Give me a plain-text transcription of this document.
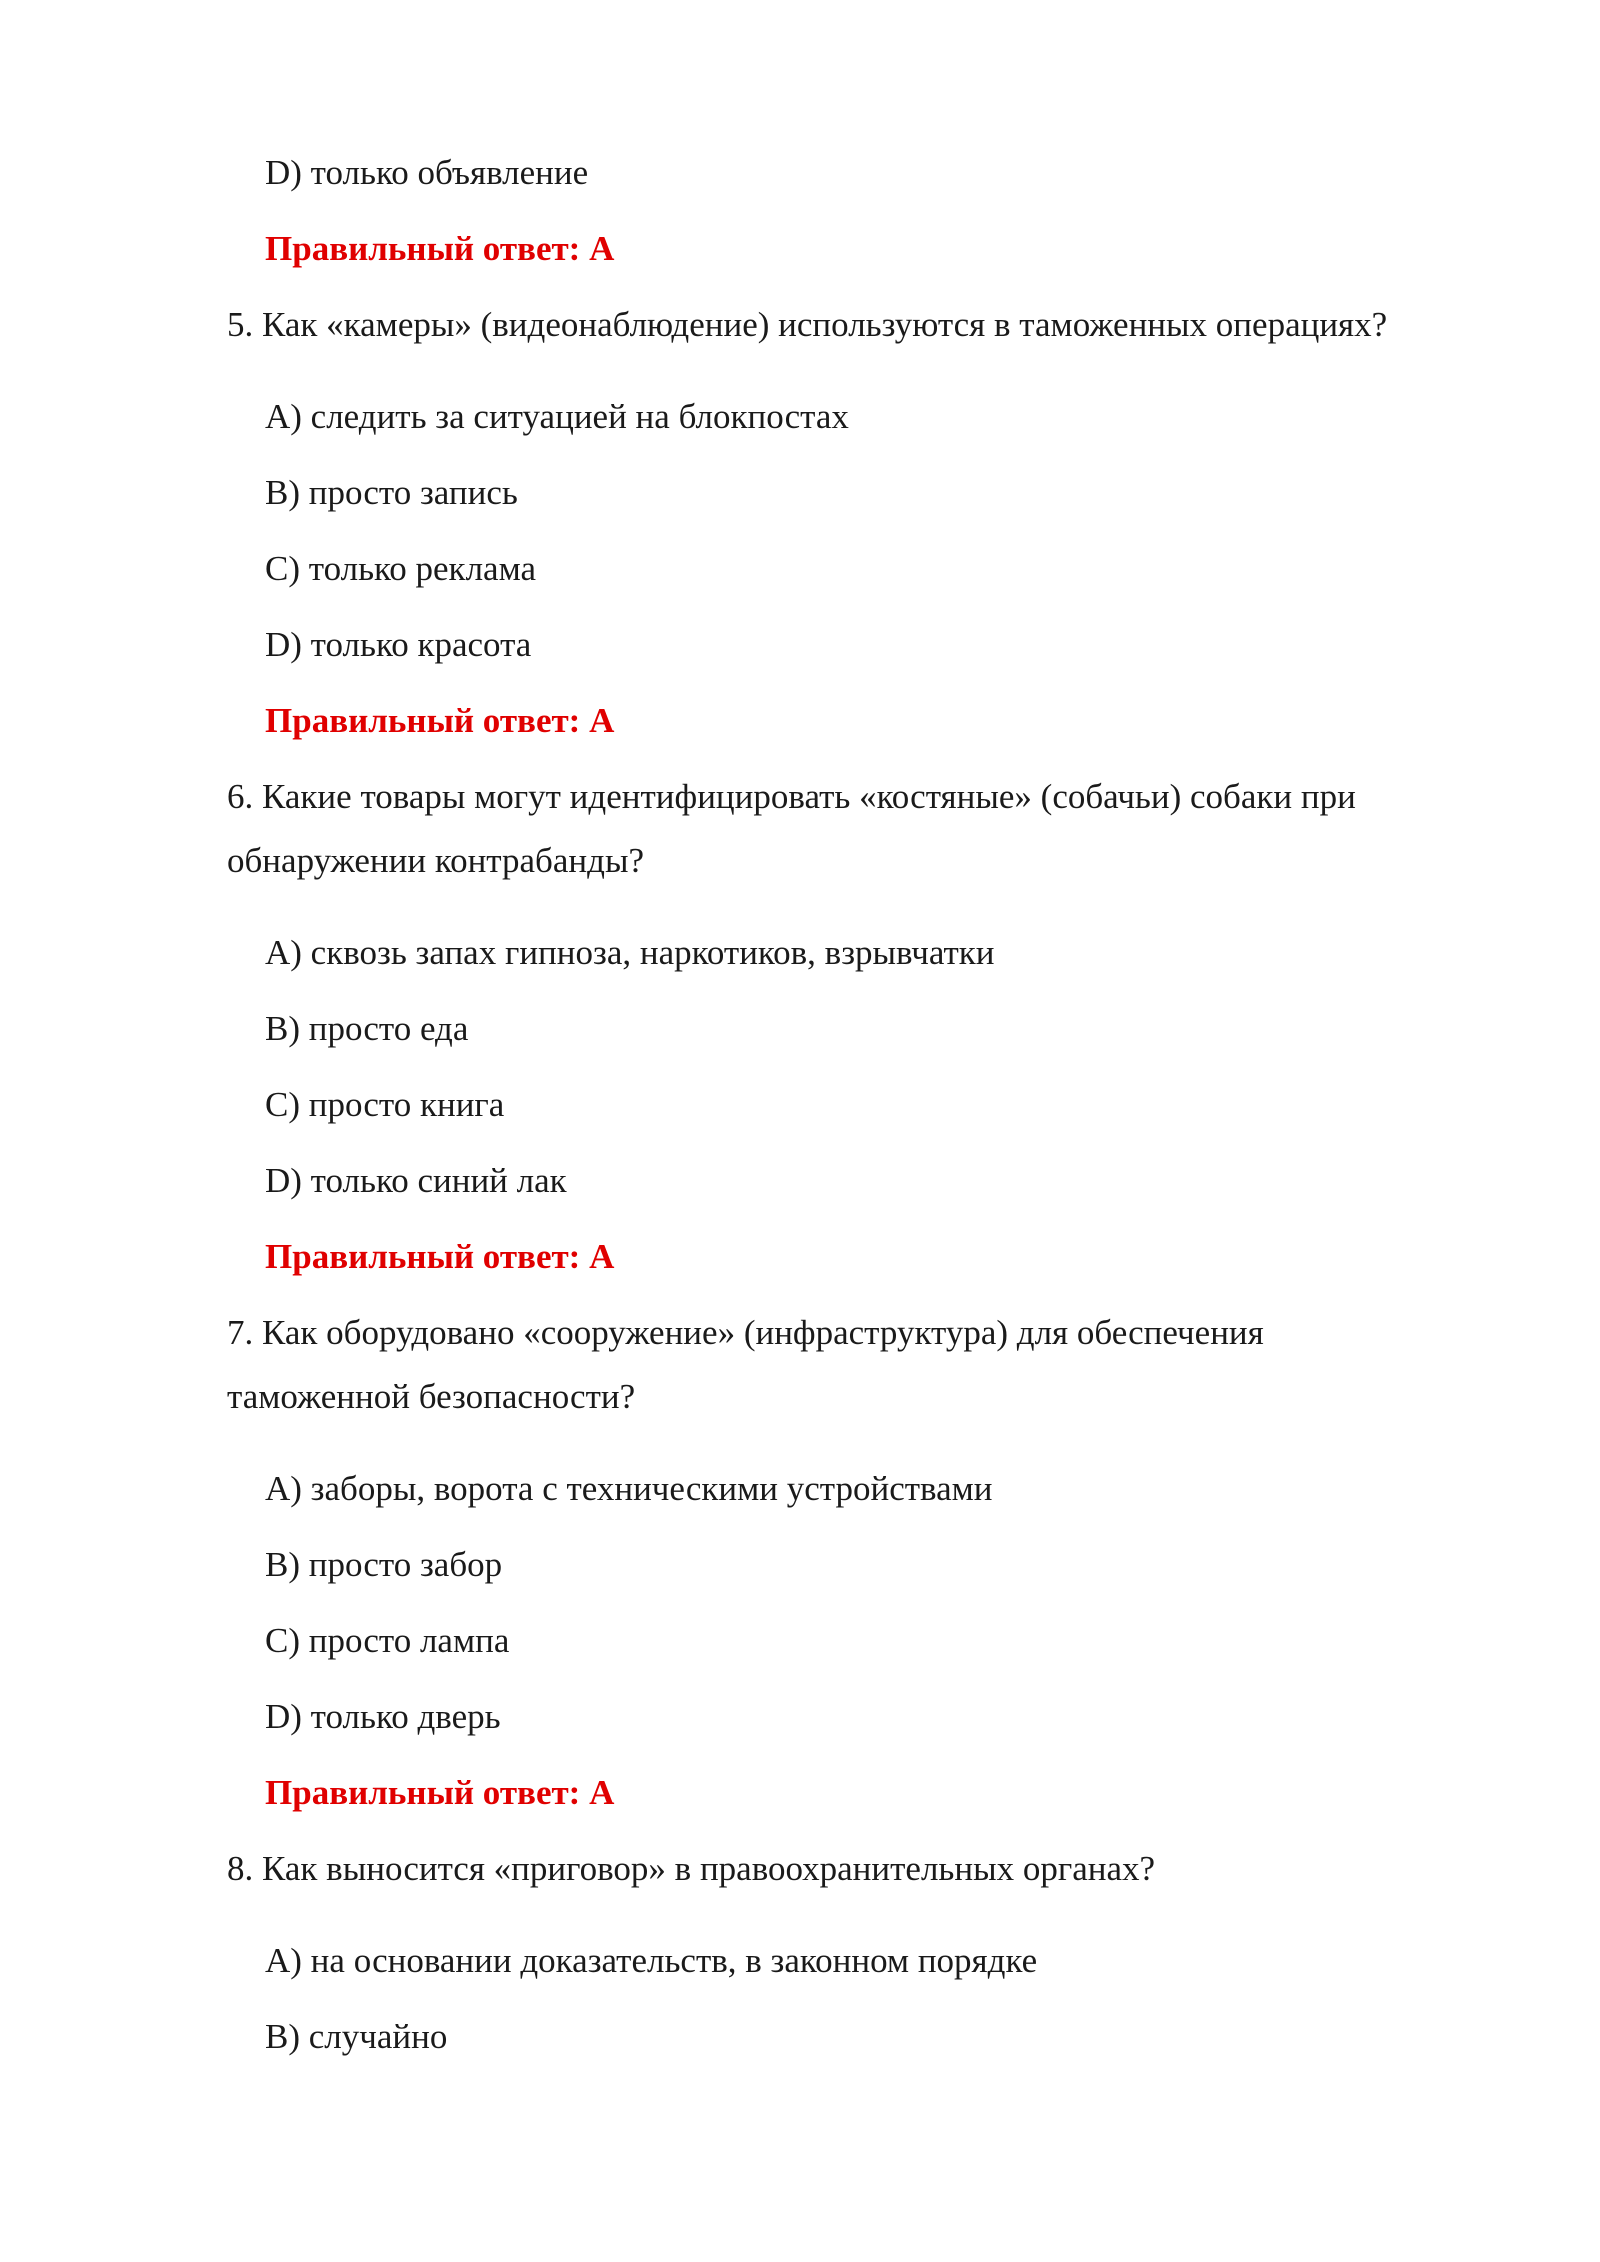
D) только объявление
Правильный ответ: A
5. Как «камеры» (видеонаблюдение) используются в таможенных операциях?
A) следить за ситуацией на блокпостах
B) просто запись
C) только реклама
D) только красота
Правильный ответ: A
6. Какие товары могут идентифицировать «костяные» (собачьи) собаки при
обнаружении контрабанды?
A) сквозь запах гипноза, наркотиков, взрывчатки
B) просто еда
C) просто книга
D) только синий лак
Правильный ответ: A
7. Как оборудовано «сооружение» (инфраструктура) для обеспечения
таможенной безопасности?
A) заборы, ворота с техническими устройствами
B) просто забор
C) просто лампа
D) только дверь
Правильный ответ: A
8. Как выносится «приговор» в правоохранительных органах?
A) на основании доказательств, в законном порядке
B) случайно
